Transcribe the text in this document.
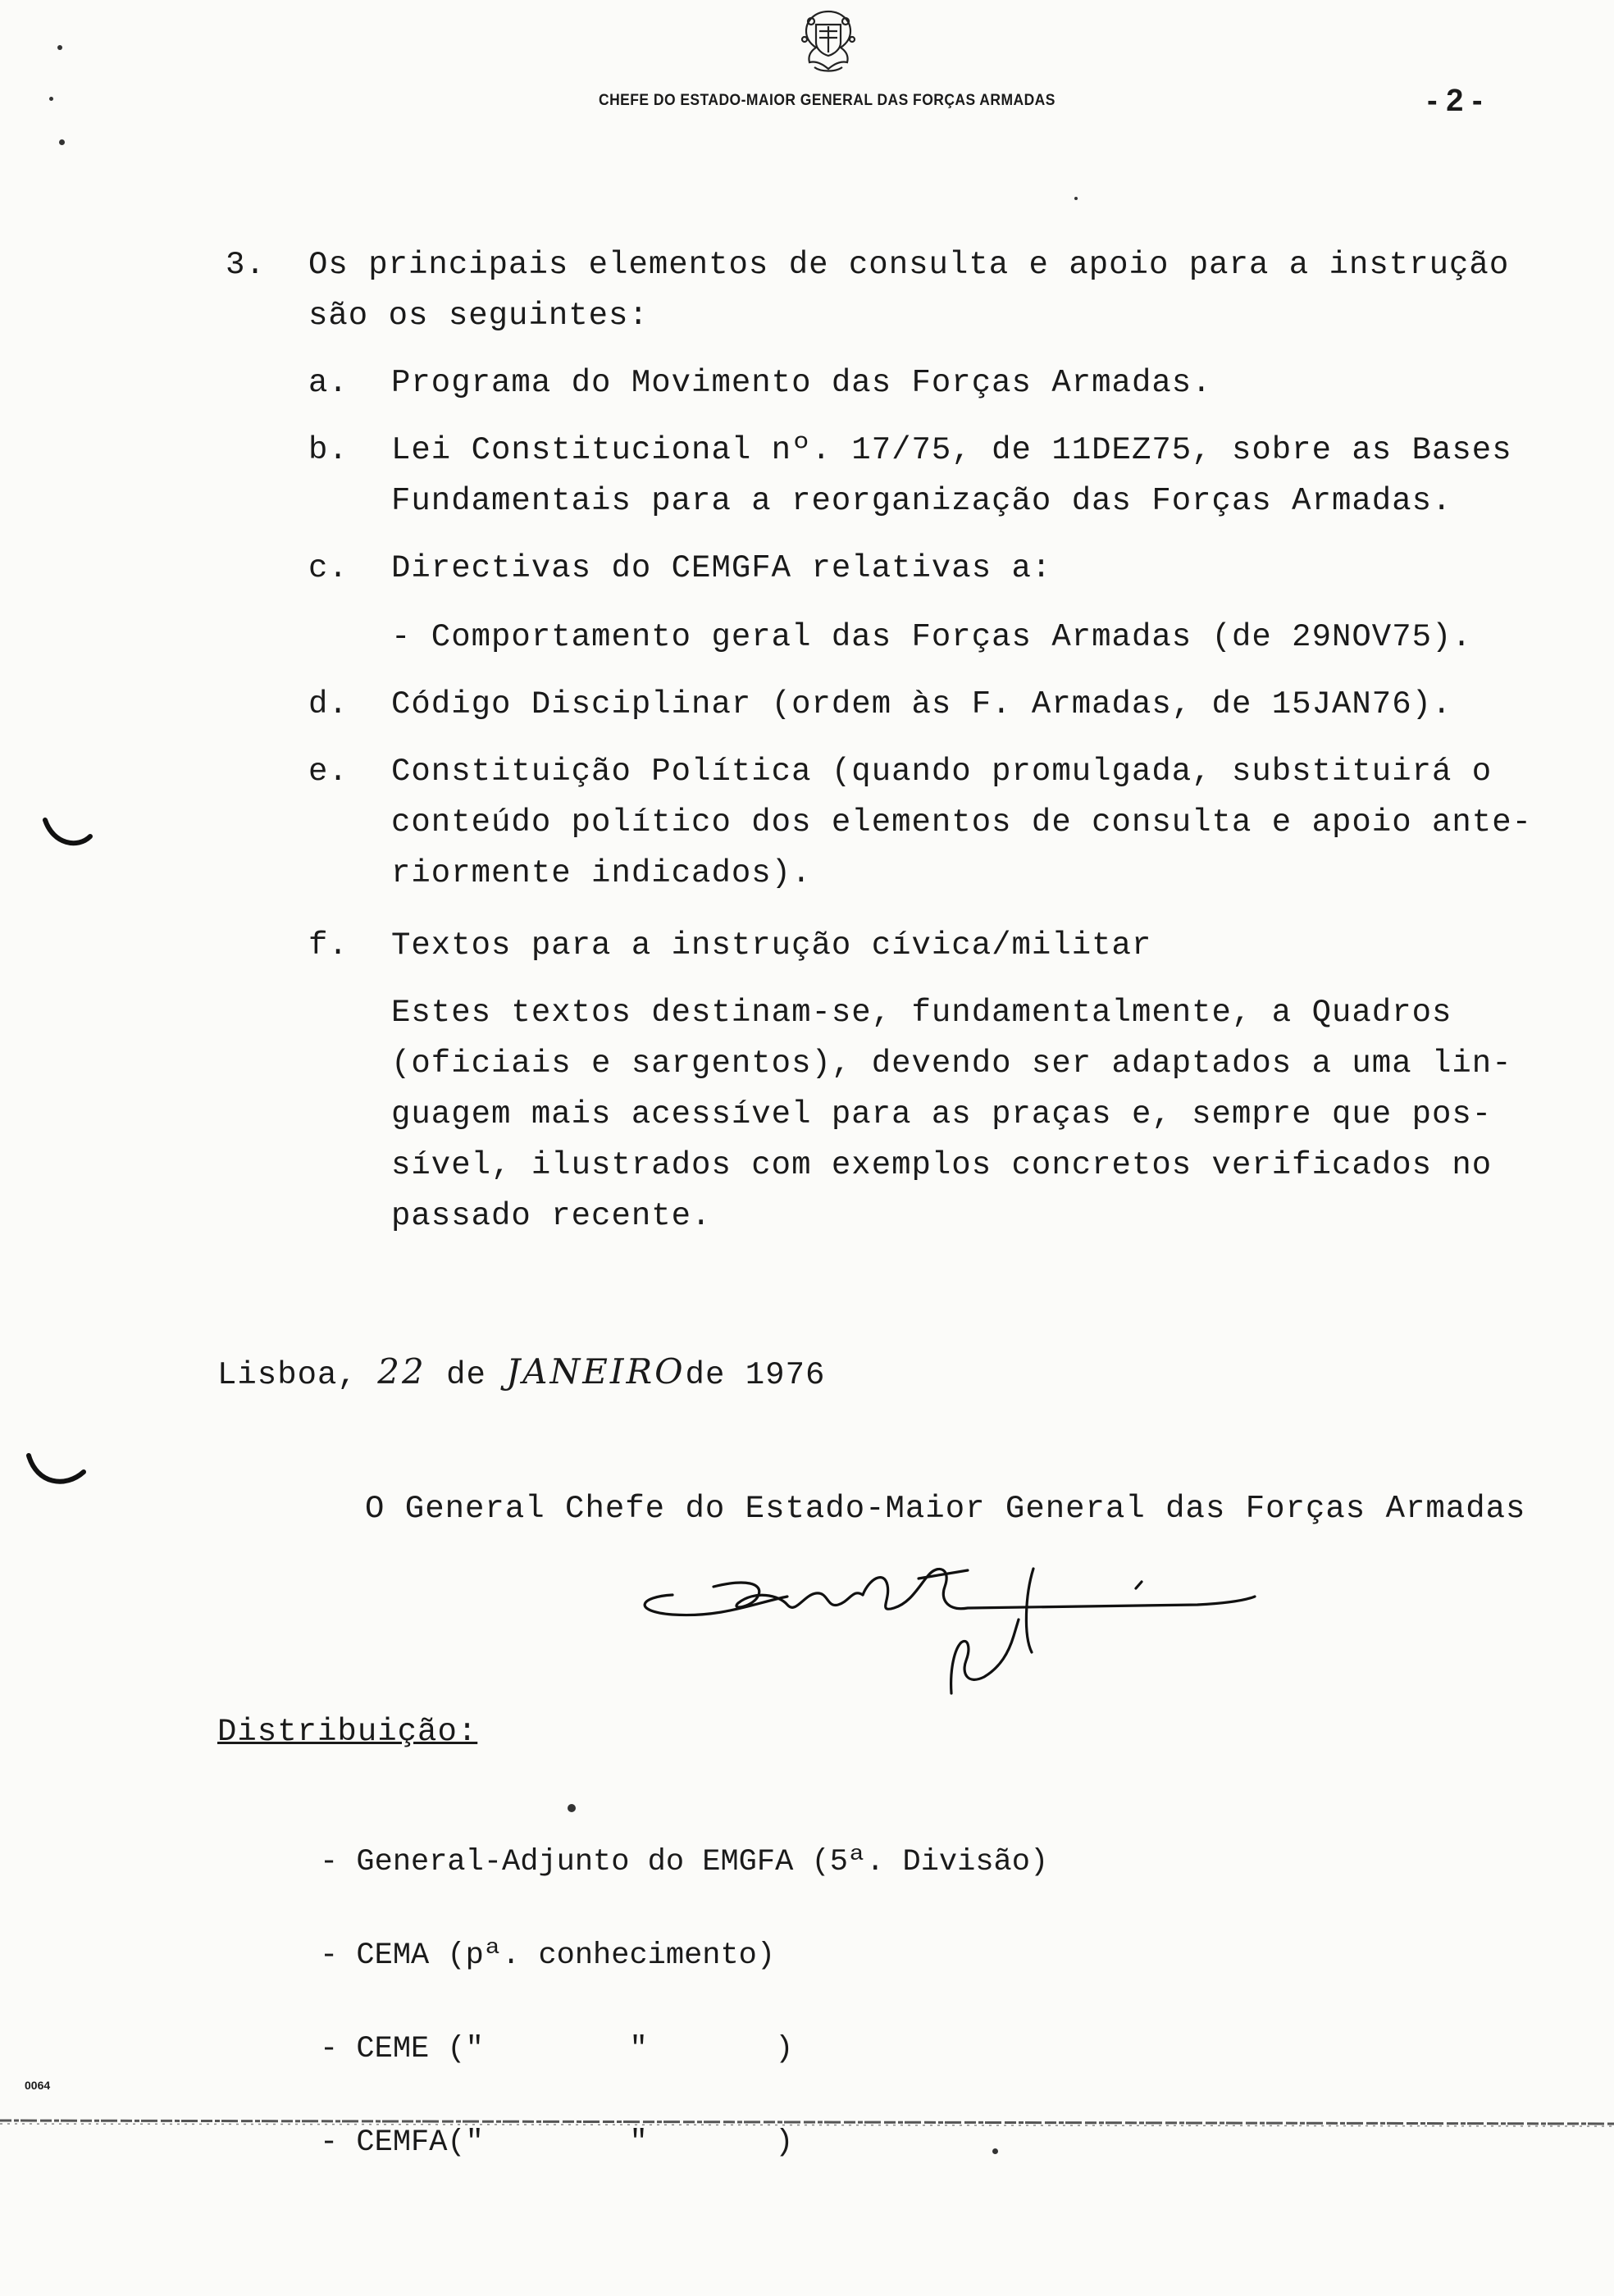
CHEFE DO ESTADO-MAIOR GENERAL DAS FORÇAS ARMADAS	- 2 -
3. Os principais elementos de consulta e apoio para a instrução
são os seguintes:
a. Programa do Movimento das Forças Armadas.
b. Lei Constitucional nº. 17/75, de 11DEZ75, sobre as Bases
Fundamentais para a reorganização das Forças Armadas.
c. Directivas do CEMGFA relativas a:
- Comportamento geral das Forças Armadas (de 29NOV75).
d. Código Disciplinar (ordem às F. Armadas, de 15JAN76).
e. Constituição Política (quando promulgada, substituirá o
conteúdo político dos elementos de consulta e apoio ante-
riormente indicados).
f. Textos para a instrução cívica/militar
Estes textos destinam-se, fundamentalmente, a Quadros
(oficiais e sargentos), devendo ser adaptados a uma lin-
guagem mais acessível para as praças e, sempre que pos-
sível, ilustrados com exemplos concretos verificados no
passado recente.
Lisboa, 22 de JANEIROde 1976
O General Chefe do Estado-Maior General das Forças Armadas
Distribuição:

- General-Adjunto do EMGFA (5ª. Divisão)

- CEMA (pª. conhecimento)

- CEME ("        "       )

- CEMFA("        "       )

0064
